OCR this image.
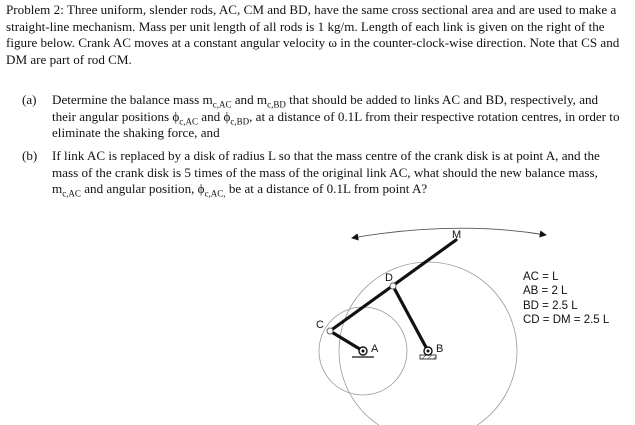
Problem 2: Three uniform, slender rods, AC, CM and BD, have the same cross sectional area and are used to make a straight-line mechanism. Mass per unit length of all rods is 1 kg/m. Length of each link is given on the right of the figure below. Crank AC moves at a constant angular velocity ω in the counter-clock-wise direction. Note that CS and DM are part of rod CM.

(a) Determine the balance mass $m_{c,AC}$ and $m_{c,BD}$ that should be added to links AC and BD, respectively, and their angular positions $\phi_{c,AC}$ and $\phi_{c,BD}$, at a distance of 0.1L from their respective rotation centres, in order to eliminate the shaking force, and
(b) If link AC is replaced by a disk of radius L so that the mass centre of the crank disk is at point A, and the mass of the crank disk is 5 times of the mass of the original link AC, what should the new balance mass, $m_{c,AC}$ and angular position, $\phi_{c,AC,}$ be at a distance of 0.1L from point A?
M
D
C
A	B
AC = L
AB = 2 L
BD = 2.5 L
CD = DM = 2.5 L
